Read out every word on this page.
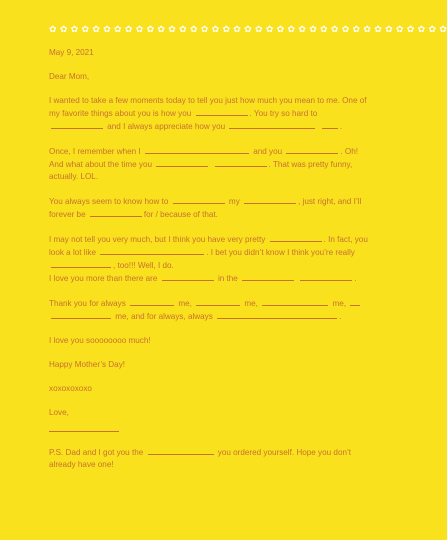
✿ ✿ ✿ ✿ ✿ ✿ ✿ ✿ ✿ ✿ ✿ ✿ ✿ ✿ ✿ ✿ ✿ ✿ ✿ ✿ ✿ ✿ ✿ ✿ ✿ ✿ ✿ ✿ ✿ ✿ ✿ ✿ ✿ ✿ ✿ ✿ ✿
May 9, 2021
Dear Mom,
I wanted to take a few moments today to tell you just how much you mean to me. One of my favorite things about you is how you	. You try so hard to  and I always appreciate how you	.
Once, I remember when I	and you	. Oh! And what about the time you	. That was pretty funny, actually. LOL.
You always seem to know how to	my	, just right, and I’ll forever be	for / because of that.
I may not tell you very much, but I think you have very pretty	. In fact, you look a lot like	. I bet you didn’t know I think you’re really , too!!! Well, I do.
I love you more than there are	in the	.
Thank you for always	me,	me,	me,   me, and for always, always	.
I love you soooooooo much!
Happy Mother’s Day!
xoxoxoxoxo
Love,
P.S. Dad and I got you the	you ordered yourself. Hope you don’t already have one!
